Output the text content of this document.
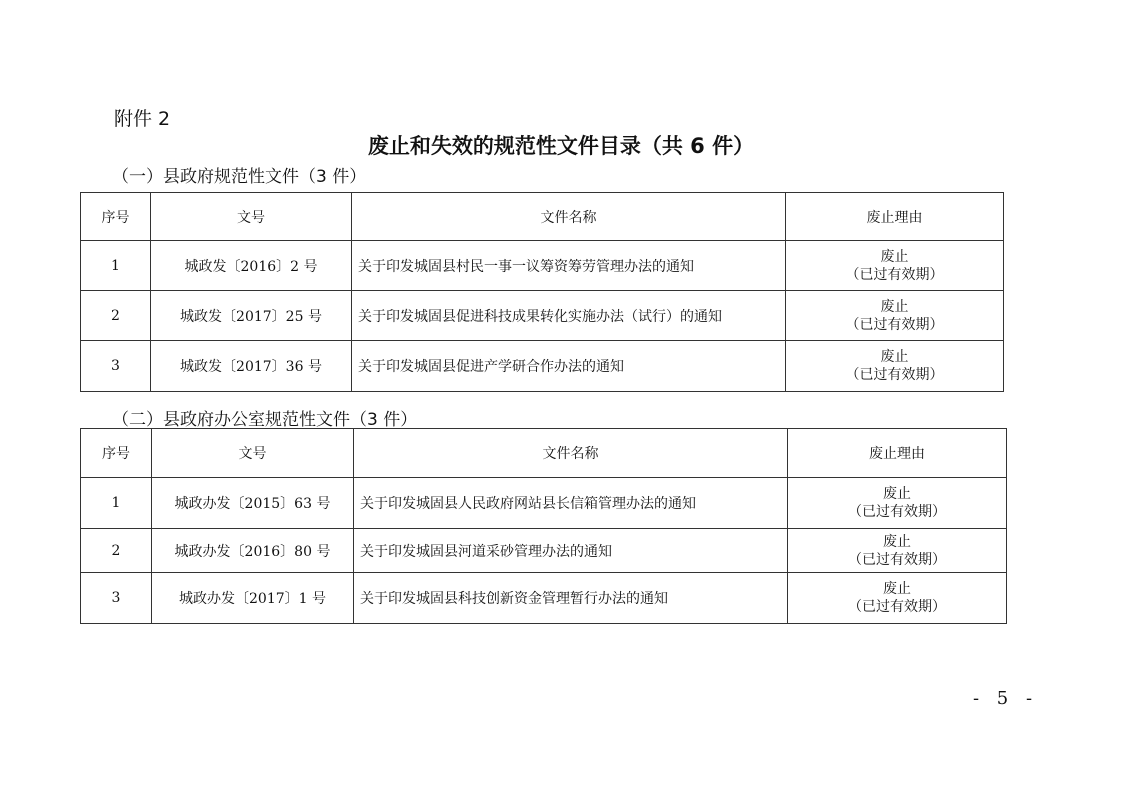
附件 2
废止和失效的规范性文件目录（共 6 件）
（一）县政府规范性文件（3 件）
序号	文号	文件名称	废止理由
1	城政发〔2016〕2 号	关于印发城固县村民一事一议筹资筹劳管理办法的通知	废止
（已过有效期）

2	城政发〔2017〕25 号	关于印发城固县促进科技成果转化实施办法（试行）的通知	废止
（已过有效期）

3	城政发〔2017〕36 号	关于印发城固县促进产学研合作办法的通知	废止
（已过有效期）
（二）县政府办公室规范性文件（3 件）
序号	文号	文件名称	废止理由
1	城政办发〔2015〕63 号	关于印发城固县人民政府网站县长信箱管理办法的通知	废止
（已过有效期）

2	城政办发〔2016〕80 号	关于印发城固县河道采砂管理办法的通知	废止
（已过有效期）

3	城政办发〔2017〕1 号	关于印发城固县科技创新资金管理暂行办法的通知	废止
（已过有效期）
- 5 -
